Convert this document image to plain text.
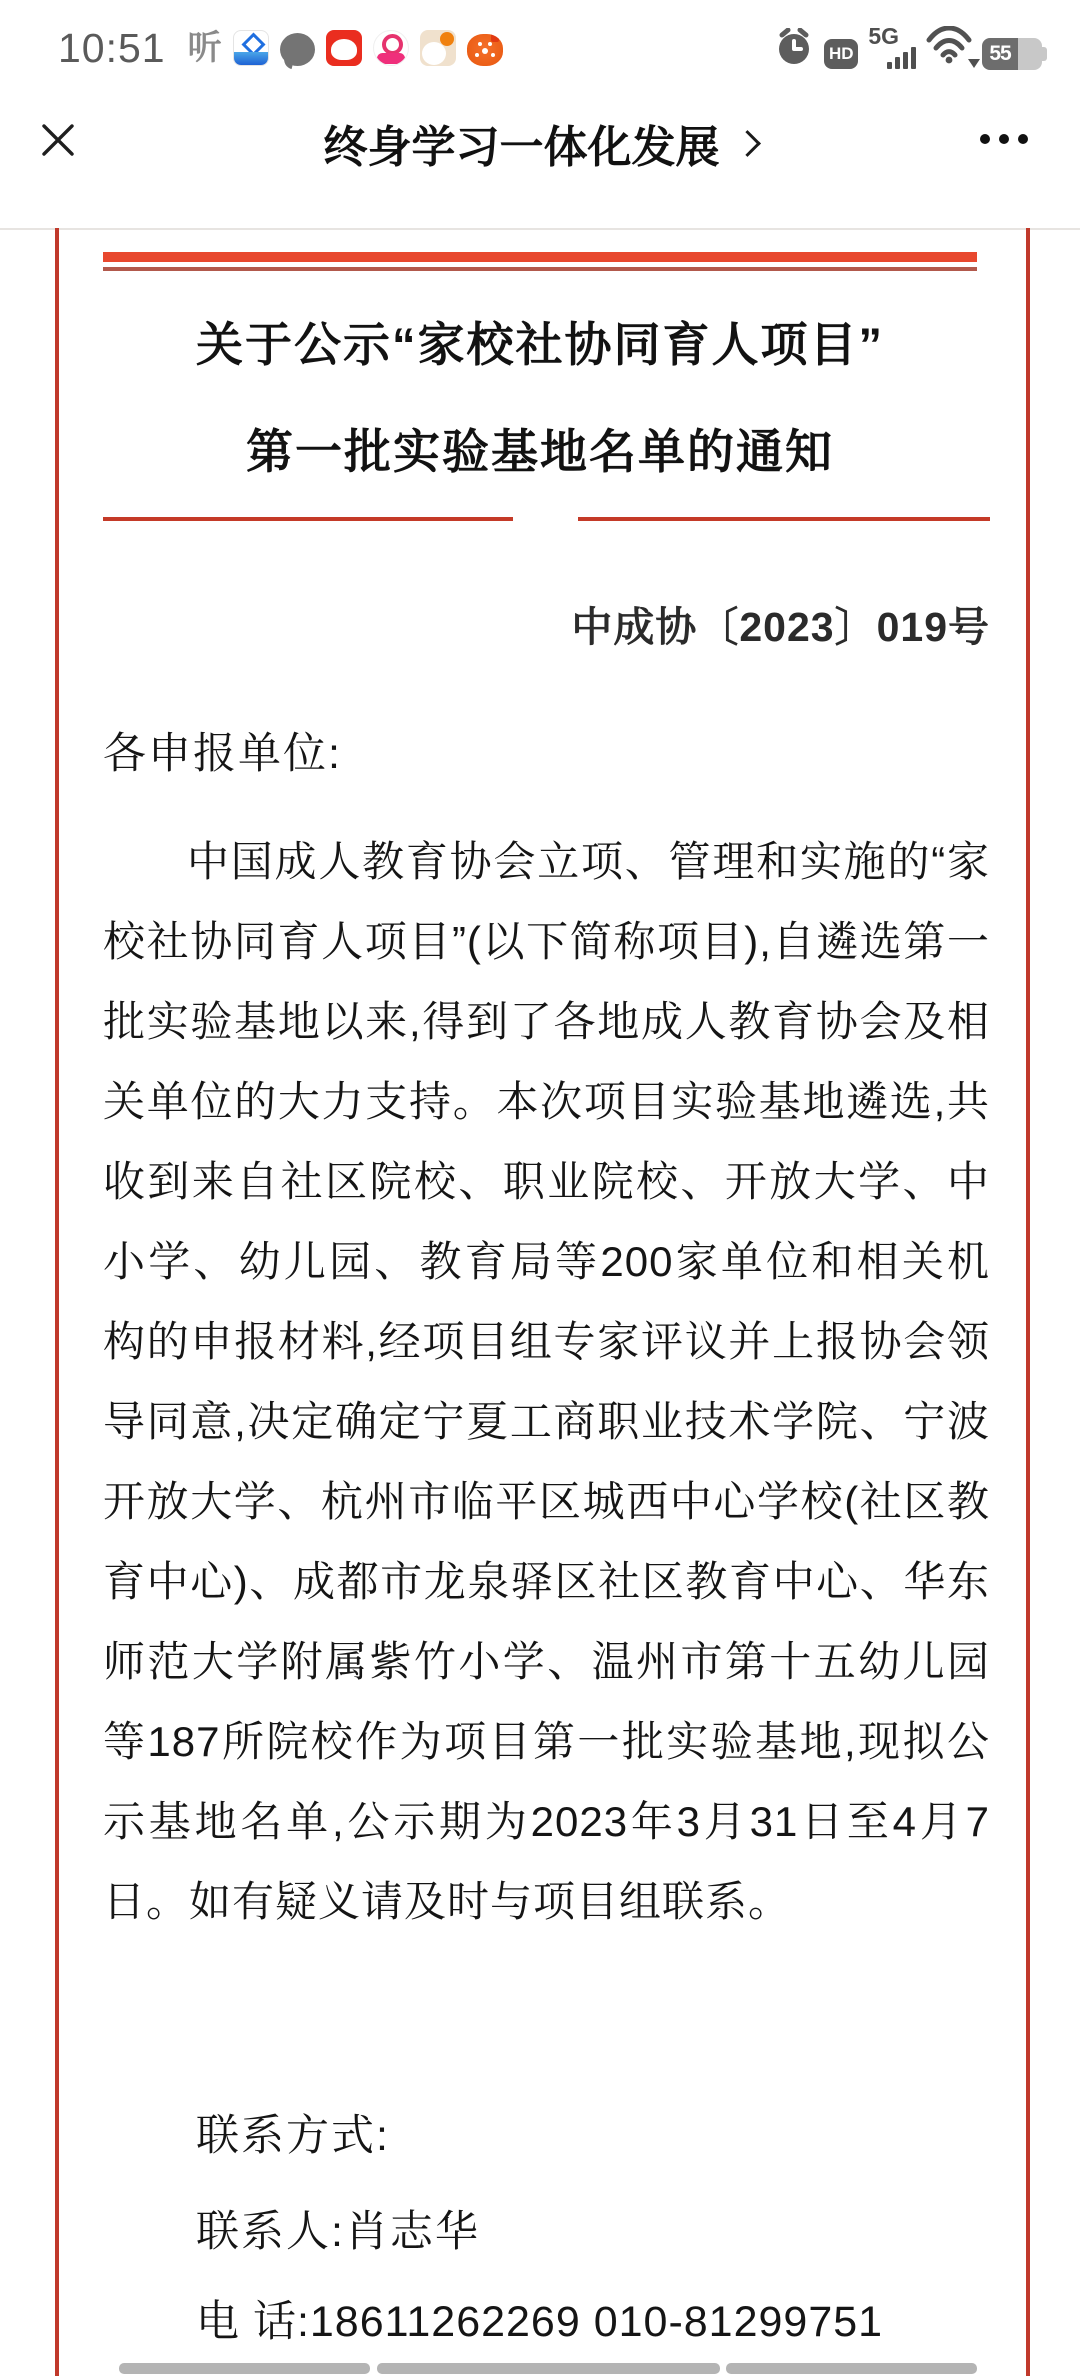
10:51 听	HD
5G
55
终身学习一体化发展
关于公示“家校社协同育人项目”
第一批实验基地名单的通知
中成协〔2023〕019号
各申报单位:
中国成人教育协会立项、管理和实施的“家校社协同育人项目”(以下简称项目),自遴选第一批实验基地以来,得到了各地成人教育协会及相关单位的大力支持。本次项目实验基地遴选,共收到来自社区院校、职业院校、开放大学、中小学、幼儿园、教育局等200家单位和相关机构的申报材料,经项目组专家评议并上报协会领导同意,决定确定宁夏工商职业技术学院、宁波开放大学、杭州市临平区城西中心学校(社区教育中心)、成都市龙泉驿区社区教育中心、华东师范大学附属紫竹小学、温州市第十五幼儿园等187所院校作为项目第一批实验基地,现拟公示基地名单,公示期为2023年3月31日至4月7日。如有疑义请及时与项目组联系。
联系方式:
联系人:肖志华
电 话:18611262269 010-81299751
